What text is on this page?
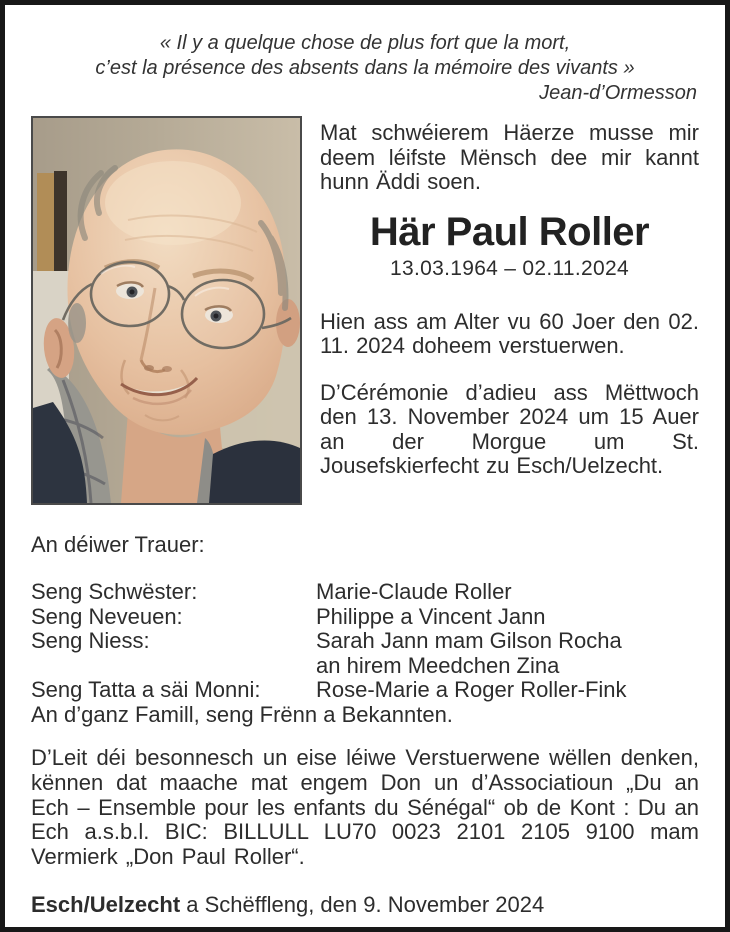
« Il y a quelque chose de plus fort que la mort,
c’est la présence des absents dans la mémoire des vivants »
Jean-d’Ormesson

Mat schwéierem Häerze musse mir deem léifste Mënsch dee mir kannt hunn Äddi soen.

Här Paul Roller
13.03.1964 – 02.11.2024

Hien ass am Alter vu 60 Joer den 02. 11. 2024 doheem verstuerwen.

D’Cérémonie d’adieu ass Mëttwoch den 13. November 2024 um 15 Auer an der Morgue um St. Jousefskierfecht zu Esch/Uelzecht.

An déiwer Trauer:
Seng Schwëster:	Marie-Claude Roller
Seng Neveuen:	Philippe a Vincent Jann
Seng Niess:	Sarah Jann mam Gilson Rocha
an hirem Meedchen Zina
Seng Tatta a säi Monni:	Rose-Marie a Roger Roller-Fink
An d’ganz Famill, seng Frënn a Bekannten.

D’Leit déi besonnesch un eise léiwe Verstuerwene wëllen denken, kënnen dat maache mat engem Don un d’Associatioun „Du an Ech – Ensemble pour les enfants du Sénégal“ ob de Kont : Du an Ech a.s.b.l. BIC: BILLULL LU70 0023 2101 2105 9100 mam Vermierk „Don Paul Roller“.

Esch/Uelzecht a Schëffleng, den 9. November 2024
